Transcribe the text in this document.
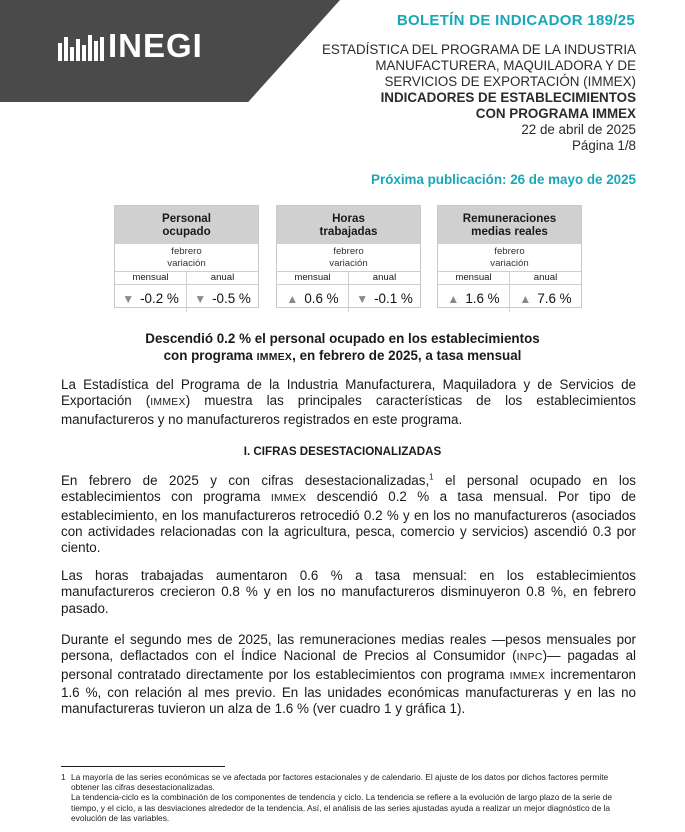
INEGI
BOLETÍN DE INDICADOR 189/25
ESTADÍSTICA DEL PROGRAMA DE LA INDUSTRIA
MANUFACTURERA, MAQUILADORA Y DE
SERVICIOS DE EXPORTACIÓN (IMMEX)
INDICADORES DE ESTABLECIMIENTOS
CON PROGRAMA IMMEX
22 de abril de 2025
Página 1/8
Próxima publicación: 26 de mayo de 2025
Personal
ocupado
febrero
variación
mensual	anual
▼ -0.2 % ▼ -0.5 %
Horas
trabajadas
febrero
variación
mensual	anual
▲ 0.6 % ▼ -0.1 %
Remuneraciones
medias reales
febrero
variación
mensual	anual
▲ 1.6 % ▲ 7.6 %
Descendió 0.2 % el personal ocupado en los establecimientos
con programa IMMEX, en febrero de 2025, a tasa mensual
La Estadística del Programa de la Industria Manufacturera, Maquiladora y de Servicios de Exportación (IMMEX) muestra las principales características de los establecimientos manufactureros y no manufactureros registrados en este programa.
I. CIFRAS DESESTACIONALIZADAS
En febrero de 2025 y con cifras desestacionalizadas,$^1$ el personal ocupado en los establecimientos con programa IMMEX descendió 0.2 % a tasa mensual. Por tipo de establecimiento, en los manufactureros retrocedió 0.2 % y en los no manufactureros (asociados con actividades relacionadas con la agricultura, pesca, comercio y servicios) ascendió 0.3 por ciento.
Las horas trabajadas aumentaron 0.6 % a tasa mensual: en los establecimientos manufactureros crecieron 0.8 % y en los no manufactureros disminuyeron 0.8 %, en febrero pasado.
Durante el segundo mes de 2025, las remuneraciones medias reales —pesos mensuales por persona, deflactados con el Índice Nacional de Precios al Consumidor (INPC)— pagadas al personal contratado directamente por los establecimientos con programa IMMEX incrementaron 1.6 %, con relación al mes previo. En las unidades económicas manufactureras y en las no manufactureras tuvieron un alza de 1.6 % (ver cuadro 1 y gráfica 1).
1 La mayoría de las series económicas se ve afectada por factores estacionales y de calendario. El ajuste de los datos por dichos factores permite obtener las cifras desestacionalizadas.
La tendencia-ciclo es la combinación de los componentes de tendencia y ciclo. La tendencia se refiere a la evolución de largo plazo de la serie de tiempo, y el ciclo, a las desviaciones alrededor de la tendencia. Así, el análisis de las series ajustadas ayuda a realizar un mejor diagnóstico de la evolución de las variables.
